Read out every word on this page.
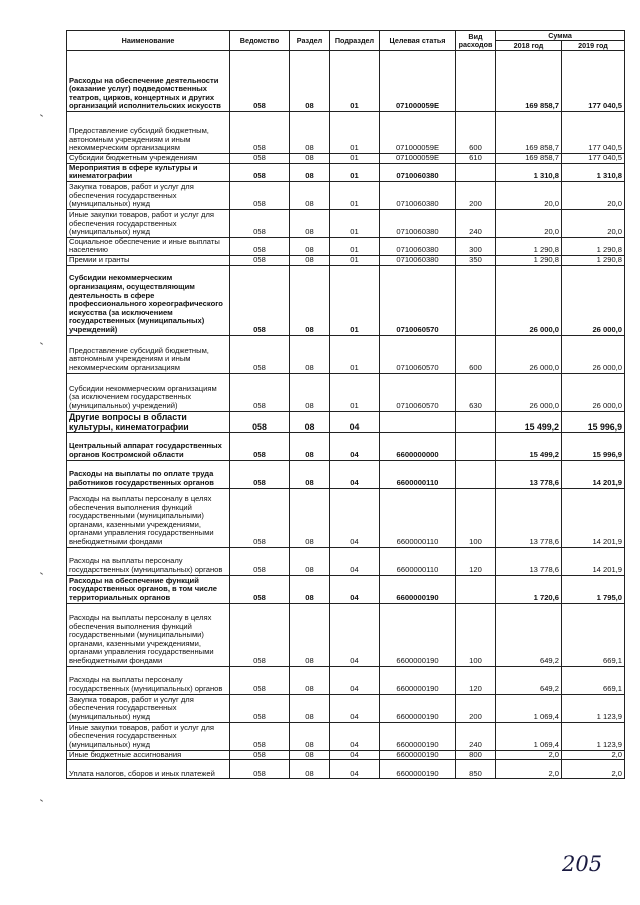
Наименование	Ведомство	Раздел	Подраздел	Целевая статья	Вид расходов	Сумма	
						2018 год	2019 год
Расходы на обеспечение деятельности (оказание услуг) подведомственных театров, цирков, концертных и других организаций исполнительских искусств	058	08	01	071000059Е		169 858,7	177 040,5
Предоставление субсидий бюджетным, автономным учреждениям и иным некоммерческим организациям	058	08	01	071000059Е	600	169 858,7	177 040,5
Субсидии бюджетным учреждениям	058	08	01	071000059Е	610	169 858,7	177 040,5
Мероприятия в сфере культуры и кинематографии	058	08	01	0710060380		1 310,8	1 310,8
Закупка товаров, работ и услуг для обеспечения государственных (муниципальных) нужд	058	08	01	0710060380	200	20,0	20,0
Иные закупки товаров, работ и услуг для обеспечения государственных (муниципальных) нужд	058	08	01	0710060380	240	20,0	20,0
Социальное обеспечение и иные выплаты населению	058	08	01	0710060380	300	1 290,8	1 290,8
Премии и гранты	058	08	01	0710060380	350	1 290,8	1 290,8
Субсидии некоммерческим организациям, осуществляющим деятельность в сфере профессионального хореографического искусства (за исключением государственных (муниципальных) учреждений)	058	08	01	0710060570		26 000,0	26 000,0
Предоставление субсидий бюджетным, автономным учреждениям и иным некоммерческим организациям	058	08	01	0710060570	600	26 000,0	26 000,0
Субсидии некоммерческим организациям (за исключением государственных (муниципальных) учреждений)	058	08	01	0710060570	630	26 000,0	26 000,0
Другие вопросы в области культуры, кинематографии	058	08	04			15 499,2	15 996,9
Центральный аппарат государственных органов Костромской области	058	08	04	6600000000		15 499,2	15 996,9
Расходы на выплаты по оплате труда работников государственных органов	058	08	04	6600000110		13 778,6	14 201,9
Расходы на выплаты персоналу в целях обеспечения выполнения функций государственными (муниципальными) органами, казенными учреждениями, органами управления государственными внебюджетными фондами	058	08	04	6600000110	100	13 778,6	14 201,9
Расходы на выплаты персоналу государственных (муниципальных) органов	058	08	04	6600000110	120	13 778,6	14 201,9
Расходы на обеспечение функций государственных органов, в том числе территориальных органов	058	08	04	6600000190		1 720,6	1 795,0
Расходы на выплаты персоналу в целях обеспечения выполнения функций государственными (муниципальными) органами, казенными учреждениями, органами управления государственными внебюджетными фондами	058	08	04	6600000190	100	649,2	669,1
Расходы на выплаты персоналу государственных (муниципальных) органов	058	08	04	6600000190	120	649,2	669,1
Закупка товаров, работ и услуг для обеспечения государственных (муниципальных) нужд	058	08	04	6600000190	200	1 069,4	1 123,9
Иные закупки товаров, работ и услуг для обеспечения государственных (муниципальных) нужд	058	08	04	6600000190	240	1 069,4	1 123,9
Иные бюджетные ассигнования	058	08	04	6600000190	800	2,0	2,0
Уплата налогов, сборов и иных платежей	058	08	04	6600000190	850	2,0	2,0
205
